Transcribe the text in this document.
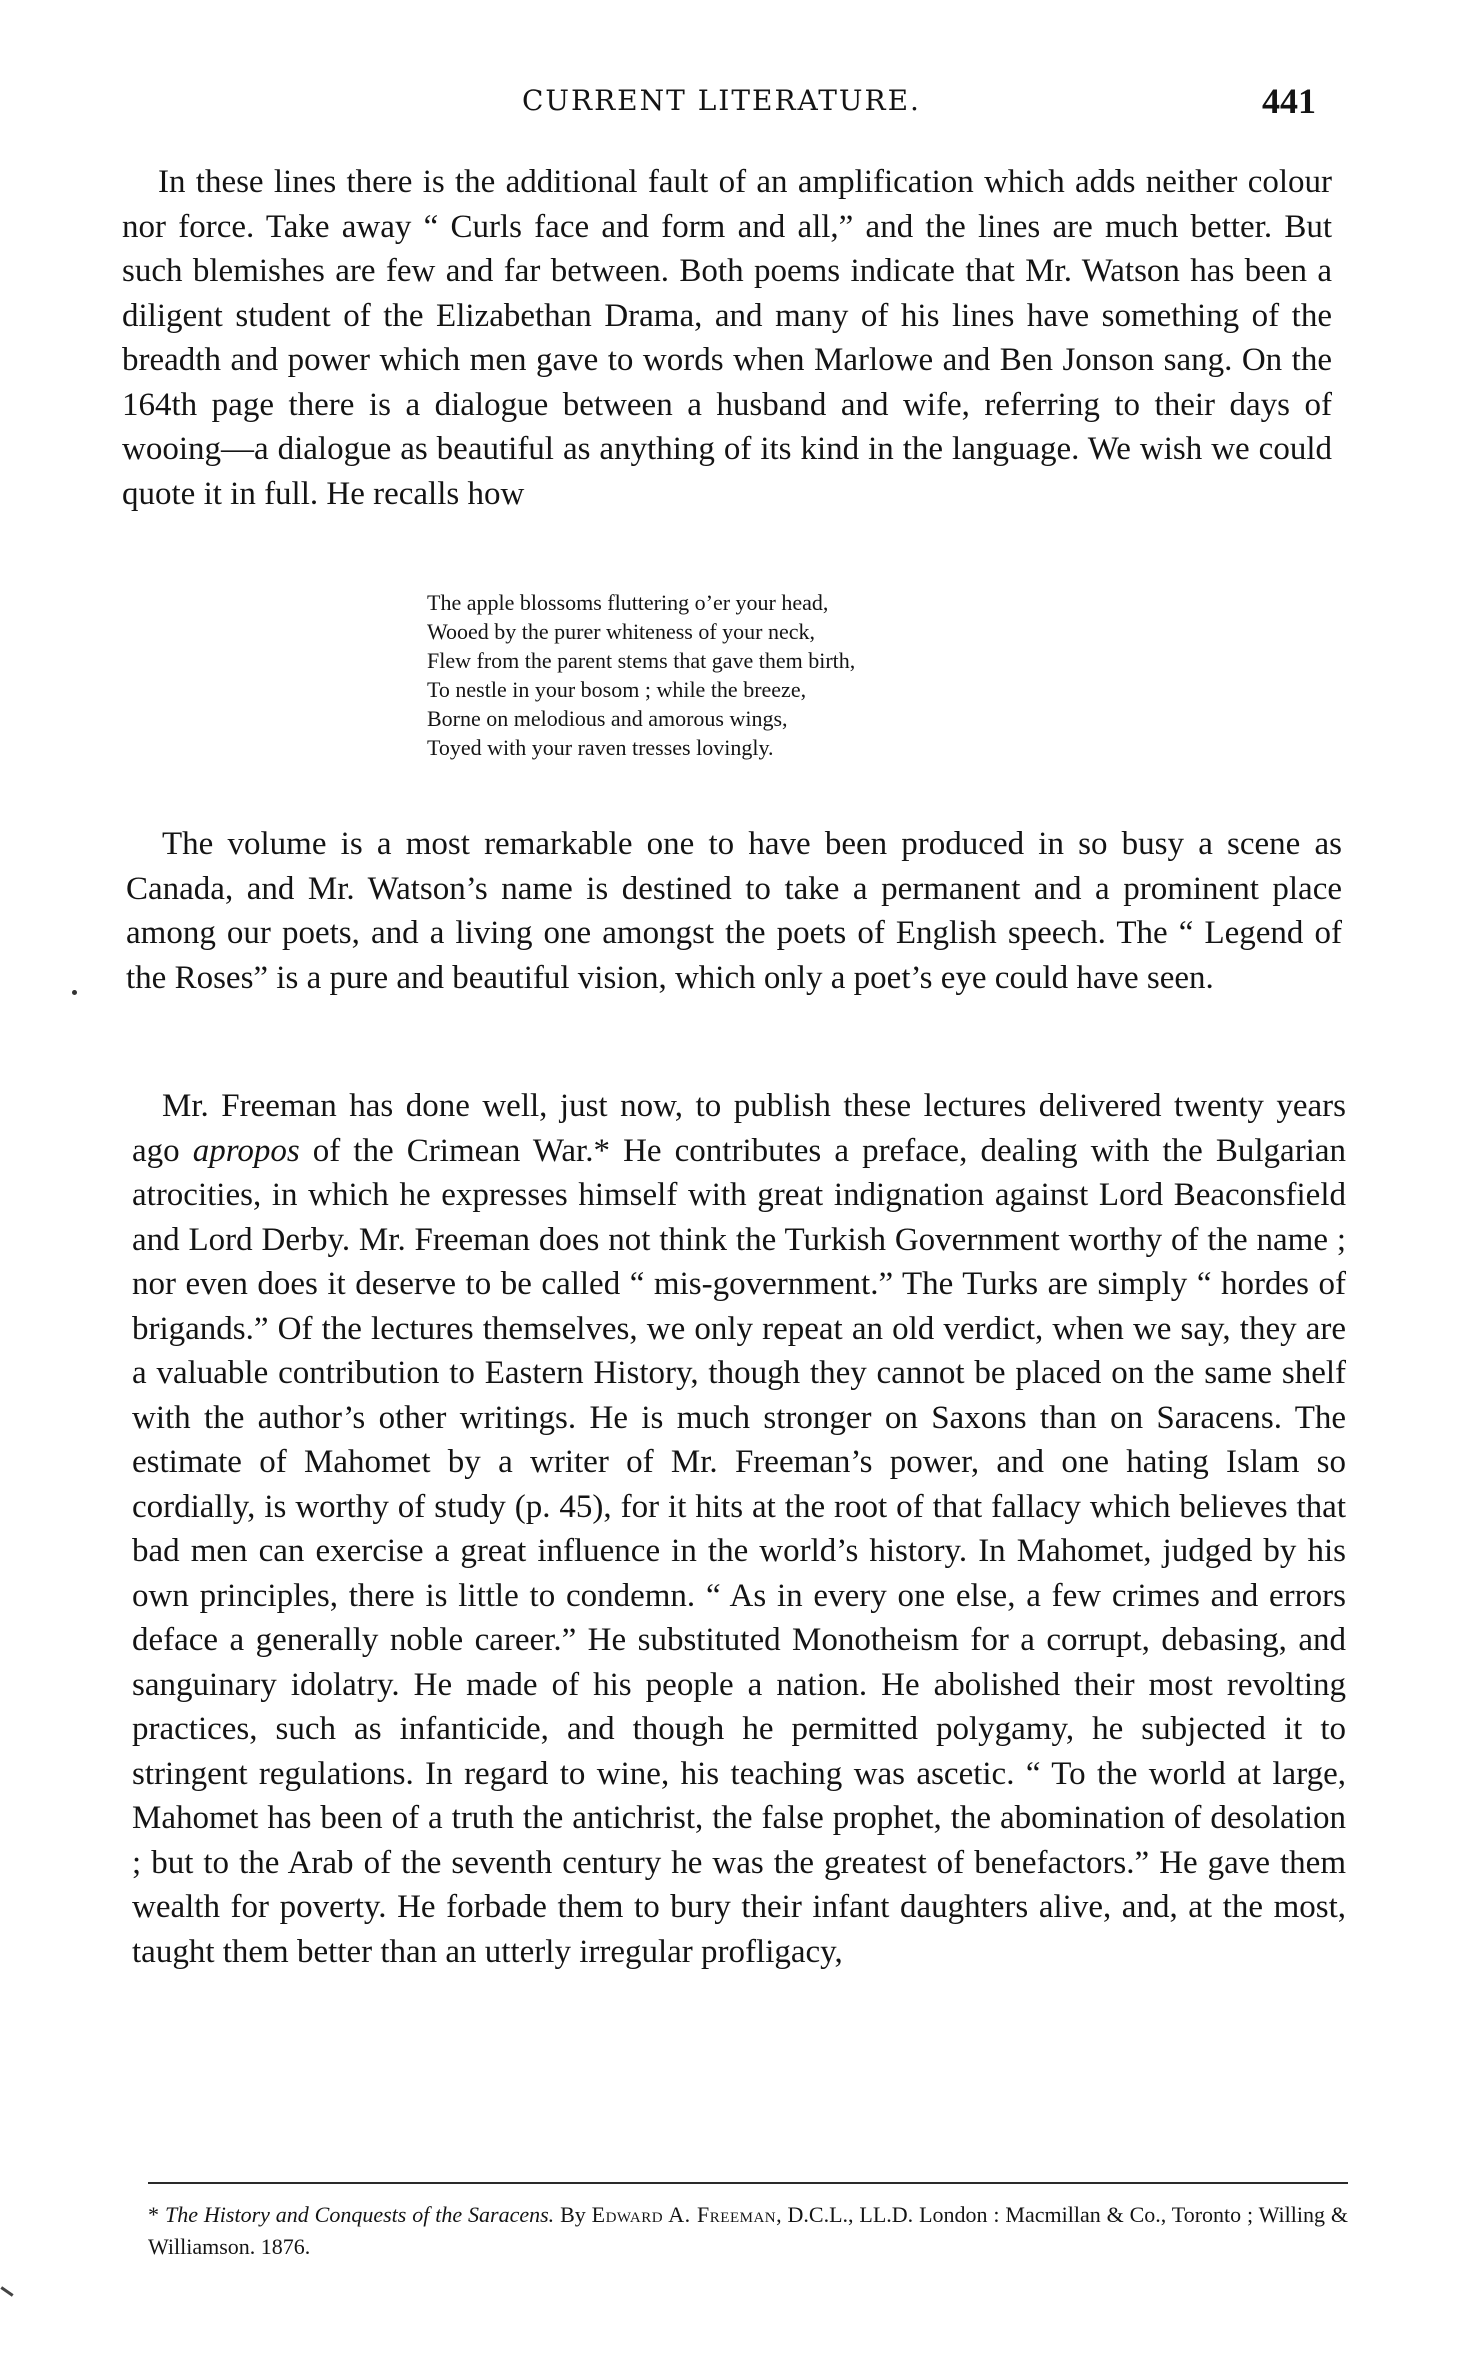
CURRENT LITERATURE.	441

In these lines there is the additional fault of an amplification which adds neither colour nor force. Take away “ Curls face and form and all,” and the lines are much better. But such blemishes are few and far between. Both poems indicate that Mr. Watson has been a diligent student of the Elizabethan Drama, and many of his lines have something of the breadth and power which men gave to words when Marlowe and Ben Jonson sang. On the 164th page there is a dialogue between a husband and wife, referring to their days of wooing—a dialogue as beautiful as anything of its kind in the language. We wish we could quote it in full. He recalls how

The apple blossoms fluttering o’er your head,
Wooed by the purer whiteness of your neck,
Flew from the parent stems that gave them birth,
To nestle in your bosom ; while the breeze,
Borne on melodious and amorous wings,
Toyed with your raven tresses lovingly.

The volume is a most remarkable one to have been produced in so busy a scene as Canada, and Mr. Watson’s name is destined to take a permanent and a prominent place among our poets, and a living one amongst the poets of English speech. The “ Legend of the Roses” is a pure and beautiful vision, which only a poet’s eye could have seen.

Mr. Freeman has done well, just now, to publish these lectures delivered twenty years ago apropos of the Crimean War.* He contributes a preface, dealing with the Bulgarian atrocities, in which he expresses himself with great indignation against Lord Beaconsfield and Lord Derby. Mr. Freeman does not think the Turkish Government worthy of the name ; nor even does it deserve to be called “ mis-government.” The Turks are simply “ hordes of brigands.” Of the lectures themselves, we only repeat an old verdict, when we say, they are a valuable contribution to Eastern History, though they cannot be placed on the same shelf with the author’s other writings. He is much stronger on Saxons than on Saracens. The estimate of Mahomet by a writer of Mr. Freeman’s power, and one hating Islam so cordially, is worthy of study (p. 45), for it hits at the root of that fallacy which believes that bad men can exercise a great influence in the world’s history. In Mahomet, judged by his own principles, there is little to condemn. “ As in every one else, a few crimes and errors deface a generally noble career.” He substituted Monotheism for a corrupt, debasing, and sanguinary idolatry. He made of his people a nation. He abolished their most revolting practices, such as infanticide, and though he permitted polygamy, he subjected it to stringent regulations. In regard to wine, his teaching was ascetic. “ To the world at large, Mahomet has been of a truth the antichrist, the false prophet, the abomination of desolation ; but to the Arab of the seventh century he was the greatest of benefactors.” He gave them wealth for poverty. He forbade them to bury their infant daughters alive, and, at the most, taught them better than an utterly irregular profligacy,

* The History and Conquests of the Saracens. By Edward A. Freeman, D.C.L., LL.D. London : Macmillan & Co., Toronto ; Willing & Williamson. 1876.
